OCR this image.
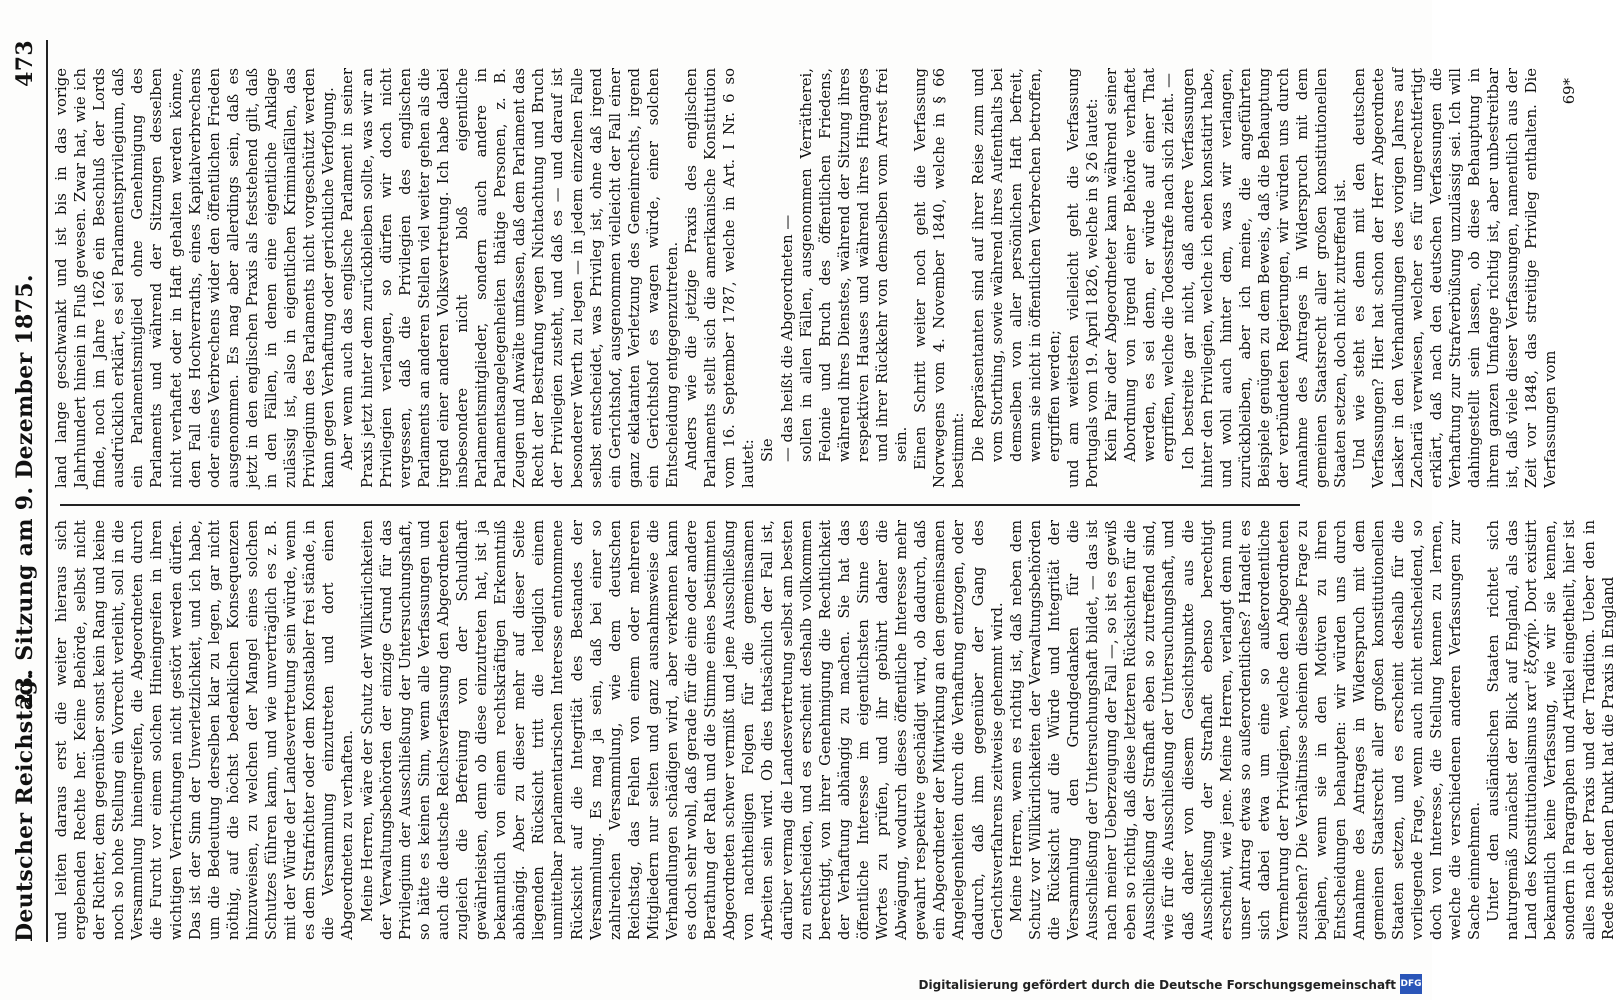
Deutscher Reichstag.
23. Sitzung am 9. Dezember 1875.
473

und leiten daraus erst die weiter hieraus sich ergebenden Rechte her. Keine Behörde, selbst nicht der Richter, dem gegenüber sonst kein Rang und keine noch so hohe Stellung ein Vorrecht verleiht, soll in die Versammlung hineingreifen, die Abgeordneten durch die Furcht vor einem solchen Hineingreifen in ihren wichtigen Verrichtungen nicht gestört werden dürfen. Das ist der Sinn der Unverletzlichkeit, und ich habe, um die Bedeutung derselben klar zu legen, gar nicht nöthig, auf die höchst bedenklichen Konsequenzen hinzuweisen, zu welchen der Mangel eines solchen Schutzes führen kann, und wie unverträglich es z. B. mit der Würde der Landesvertretung sein würde, wenn es dem Strafrichter oder dem Konstabler frei stände, in die Versammlung einzutreten und dort einen Abgeordneten zu verhaften. Meine Herren, wäre der Schutz der Willkürlichkeiten der Verwaltungsbehörden der einzige Grund für das Privilegium der Ausschließung der Untersuchungshaft, so hätte es keinen Sinn, wenn alle Verfassungen und auch die deutsche Reichsverfassung den Abgeordneten zugleich die Befreiung von der Schuldhaft gewährleisten, denn ob diese einzutreten hat, ist ja bekanntlich von einem rechtskräftigen Erkenntniß abhängig. Aber zu dieser mehr auf dieser Seite liegenden Rücksicht tritt die lediglich einem unmittelbar parlamentarischen Interesse entnommene Rücksicht auf die Integrität des Bestandes der Versammlung. Es mag ja sein, daß bei einer so zahlreichen Versammlung, wie dem deutschen Reichstag, das Fehlen von einem oder mehreren Mitgliedern nur selten und ganz ausnahmsweise die Verhandlungen schädigen wird, aber verkennen kann es doch sehr wohl, daß gerade für die eine oder andere Berathung der Rath und die Stimme eines bestimmten Abgeordneten schwer vermißt und jene Ausschließung von nachtheiligen Folgen für die gemeinsamen Arbeiten sein wird. Ob dies thatsächlich der Fall ist, darüber vermag die Landesvertretung selbst am besten zu entscheiden, und es erscheint deshalb vollkommen berechtigt, von ihrer Genehmigung die Rechtlichkeit der Verhaftung abhängig zu machen. Sie hat das öffentliche Interesse im eigentlichsten Sinne des Wortes zu prüfen, und ihr gebührt daher die Abwägung, wodurch dieses öffentliche Interesse mehr gewahrt respektive geschädigt wird, ob dadurch, daß ein Abgeordneter der Mitwirkung an den gemeinsamen Angelegenheiten durch die Verhaftung entzogen, oder dadurch, daß ihm gegenüber der Gang des Gerichtsverfahrens zeitweise gehemmt wird. Meine Herren, wenn es richtig ist, daß neben dem Schutz vor Willkürlichkeiten der Verwaltungsbehörden die Rücksicht auf die Würde und Integrität der Versammlung den Grundgedanken für die Ausschließung der Untersuchungshaft bildet, — das ist nach meiner Ueberzeugung der Fall —, so ist es gewiß eben so richtig, daß diese letzteren Rücksichten für die Ausschließung der Strafhaft eben so zutreffend sind, wie für die Ausschließung der Untersuchungshaft, und daß daher von diesem Gesichtspunkte aus die Ausschließung der Strafhaft ebenso berechtigt erscheint, wie jene. Meine Herren, verlangt denn nun unser Antrag etwas so außerordentliches? Handelt es sich dabei etwa um eine so außerordentliche Vermehrung der Privilegien, welche den Abgeordneten zustehen? Die Verhältnisse scheinen dieselbe Frage zu bejahen, wenn sie in den Motiven zu ihren Entscheidungen behaupten: wir würden uns durch Annahme des Antrages in Widerspruch mit dem gemeinen Staatsrecht aller großen konstitutionellen Staaten setzen, und es erscheint deshalb für die vorliegende Frage, wenn auch nicht entscheidend, so doch von Interesse, die Stellung kennen zu lernen, welche die verschiedenen anderen Verfassungen zur Sache einnehmen. Unter den ausländischen Staaten richtet sich naturgemäß zunächst der Blick auf England, als das Land des Konstitutionalismus κατ' ἐξοχήν. Dort existirt bekanntlich keine Verfassung, wie wir sie kennen, sondern in Paragraphen und Artikel eingetheilt, hier ist alles nach der Praxis und der Tradition. Ueber den in Rede stehenden Punkt hat die Praxis in England

land lange geschwankt und ist bis in das vorige Jahrhundert hinein in Fluß gewesen. Zwar hat, wie ich finde, noch im Jahre 1626 ein Beschluß der Lords ausdrücklich erklärt, es sei Parlamentsprivilegium, daß ein Parlamentsmitglied ohne Genehmigung des Parlaments und während der Sitzungen desselben nicht verhaftet oder in Haft gehalten werden könne, den Fall des Hochverraths, eines Kapitalverbrechens oder eines Verbrechens wider den öffentlichen Frieden ausgenommen. Es mag aber allerdings sein, daß es jetzt in den englischen Praxis als feststehend gilt, daß in den Fällen, in denen eine eigentliche Anklage zulässig ist, also in eigentlichen Kriminalfällen, das Privilegium des Parlaments nicht vorgeschützt werden kann gegen Verhaftung oder gerichtliche Verfolgung. Aber wenn auch das englische Parlament in seiner Praxis jetzt hinter dem zurückbleiben sollte, was wir an Privilegien verlangen, so dürfen wir doch nicht vergessen, daß die Privilegien des englischen Parlaments an anderen Stellen viel weiter gehen als die irgend einer anderen Volksvertretung. Ich habe dabei insbesondere nicht bloß eigentliche Parlamentsmitglieder, sondern auch andere in Parlamentsangelegenheiten thätige Personen, z. B. Zeugen und Anwälte umfassen, daß dem Parlament das Recht der Bestrafung wegen Nichtachtung und Bruch der Privilegien zusteht, und daß es — und darauf ist besonderer Werth zu legen — in jedem einzelnen Falle selbst entscheidet, was Privileg ist, ohne daß irgend ein Gerichtshof, ausgenommen vielleicht der Fall einer ganz eklatanten Verletzung des Gemeinrechts, irgend ein Gerichtshof es wagen würde, einer solchen Entscheidung entgegenzutreten. Anders wie die jetzige Praxis des englischen Parlaments stellt sich die amerikanische Konstitution vom 16. September 1787, welche in Art. I Nr. 6 so lautet: Sie — das heißt die Abgeordneten — sollen in allen Fällen, ausgenommen Verrätherei, Felonie und Bruch des öffentlichen Friedens, während ihres Dienstes, während der Sitzung ihres respektiven Hauses und während ihres Hinganges und ihrer Rückkehr von demselben vom Arrest frei sein. Einen Schritt weiter noch geht die Verfassung Norwegens vom 4. November 1840, welche in § 66 bestimmt: Die Repräsentanten sind auf ihrer Reise zum und vom Storthing, sowie während ihres Aufenthalts bei demselben von aller persönlichen Haft befreit, wenn sie nicht in öffentlichen Verbrechen betroffen, ergriffen werden; und am weitesten vielleicht geht die Verfassung Portugals vom 19. April 1826, welche in § 26 lautet: Kein Pair oder Abgeordneter kann während seiner Abordnung von irgend einer Behörde verhaftet werden, es sei denn, er würde auf einer That ergriffen, welche die Todesstrafe nach sich zieht. — Ich bestreite gar nicht, daß andere Verfassungen hinter den Privilegien, welche ich eben konstatirt habe, und wohl auch hinter dem, was wir verlangen, zurückbleiben, aber ich meine, die angeführten Beispiele genügen zu dem Beweis, daß die Behauptung der verbündeten Regierungen, wir würden uns durch Annahme des Antrages in Widerspruch mit dem gemeinen Staatsrecht aller großen konstitutionellen Staaten setzen, doch nicht zutreffend ist. Und wie steht es denn mit den deutschen Verfassungen? Hier hat schon der Herr Abgeordnete Lasker in den Verhandlungen des vorigen Jahres auf Zachariä verwiesen, welcher es für ungerechtfertigt erklärt, daß nach den deutschen Verfassungen die Verhaftung zur Strafverbüßung unzulässig sei. Ich will dahingestellt sein lassen, ob diese Behauptung in ihrem ganzen Umfange richtig ist, aber unbestreitbar ist, daß viele dieser Verfassungen, namentlich aus der Zeit vor 1848, das streitige Privileg enthalten. Die Verfassungen vom

69*

Digitalisierung gefördert durch die Deutsche Forschungsgemeinschaft DFG
